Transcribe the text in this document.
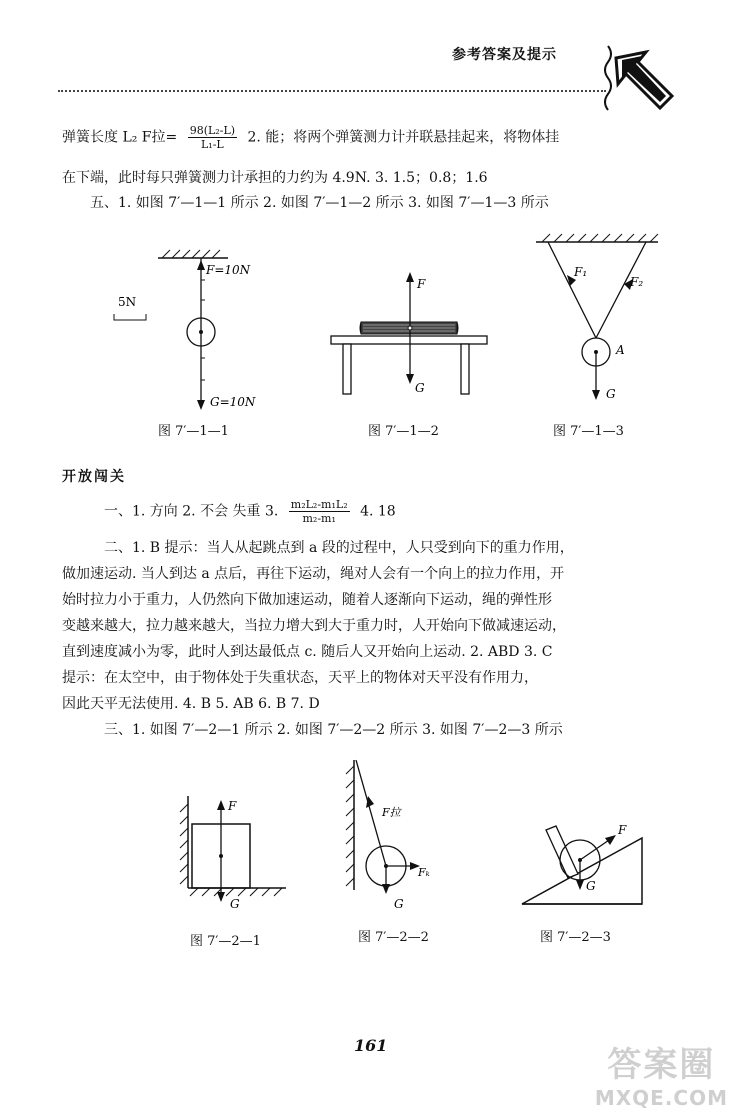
参考答案及提示
弹簧长度 L₂ F拉= $\frac{\text{98(L₂-L)}}{\text{L₁-L}} 2$. 能；将两个弹簧测力计并联悬挂起来，将物体挂
在下端，此时每只弹簧测力计承担的力约为 4.9N. 3. 1.5；0.8；1.6
五、1. 如图 7′—1—1 所示 2. 如图 7′—1—2 所示 3. 如图 7′—1—3 所示
5N
F=10N
G=10N
图 7′—1—1
F
G
图 7′—1—2
F₁
F₂
A
G
图 7′—1—3
开放闯关
一、1. 方向 2. 不会 失重 3. $\frac{\text{m₂L₂-m₁L₂}}{\text{m₂-m₁}} 4$. 18
二、1. B 提示：当人从起跳点到 a 段的过程中，人只受到向下的重力作用，
做加速运动. 当人到达 a 点后，再往下运动，绳对人会有一个向上的拉力作用，开
始时拉力小于重力，人仍然向下做加速运动，随着人逐渐向下运动，绳的弹性形
变越来越大，拉力越来越大，当拉力增大到大于重力时，人开始向下做减速运动，
直到速度减小为零，此时人到达最低点 c. 随后人又开始向上运动. 2. ABD 3. C
提示：在太空中，由于物体处于失重状态，天平上的物体对天平没有作用力，
因此天平无法使用. 4. B 5. AB 6. B 7. D
三、1. 如图 7′—2—1 所示 2. 如图 7′—2—2 所示 3. 如图 7′—2—3 所示
F
G
图 7′—2—1
F拉
Fₖ
G
图 7′—2—2
F
G
图 7′—2—3
161	答案圈
MXQE.COM
